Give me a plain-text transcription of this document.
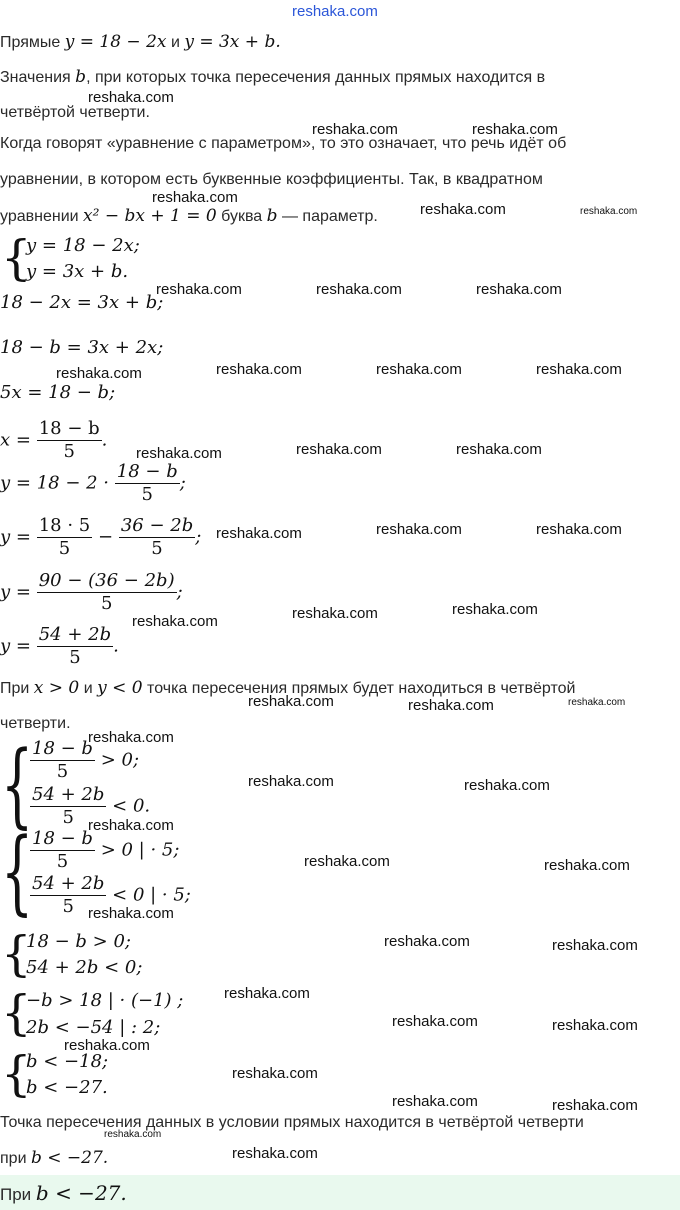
reshaka.com
Прямые y = 18 − 2x и y = 3x + b.
Значения b, при которых точка пересечения данных прямых находится в
четвёртой четверти.
Когда говорят «уравнение с параметром», то это означает, что речь идёт об
уравнении, в котором есть буквенные коэффициенты. Так, в квадратном
уравнении x² − bx + 1 = 0 буква b — параметр.
{
y = 18 − 2x;
y = 3x + b.
18 − 2x = 3x + b;
18 − b = 3x + 2x;
5x = 18 − b;
$x = \frac{18 - b}{5}$ .
$y = 18 - 2 \cdot \frac{18 - b}{5}$ ;
$y = \frac{18 \cdot 5}{5} - \frac{36 - 2b}{5}$ ;
$y = \frac{90 - (36 - 2b)}{5}$ ;
$y = \frac{54 + 2b}{5}$ .
При x > 0 и y < 0 точка пересечения прямых будет находиться в четвёртой
четверти.
{
$\frac{18 - b}{5} > 0$;
$\frac{54 + 2b}{5} < 0$.
{
$\frac{18 - b}{5} > 0$ | · 5;
$\frac{54 + 2b}{5} < 0$ | · 5;
{
18 − b > 0;
54 + 2b < 0;
{
−b > 18 | · (−1) ;
2b < −54 | : 2;
{
b < −18;
b < −27.
Точка пересечения данных в условии прямых находится в четвёртой четверти
при b < −27.
При b < −27.
reshaka.com
reshaka.com	reshaka.com
reshaka.com
reshaka.com	reshaka.com
reshaka.com	reshaka.com	reshaka.com
reshaka.com	reshaka.com	reshaka.com	reshaka.com
reshaka.com	reshaka.com	reshaka.com
reshaka.com	reshaka.com	reshaka.com
reshaka.com	reshaka.com	reshaka.com
reshaka.com	reshaka.com	reshaka.com
reshaka.com
reshaka.com	reshaka.com
reshaka.com
reshaka.com	reshaka.com
reshaka.com
reshaka.com	reshaka.com
reshaka.com
reshaka.com	reshaka.com
reshaka.com
reshaka.com
reshaka.com	reshaka.com
reshaka.com
reshaka.com
